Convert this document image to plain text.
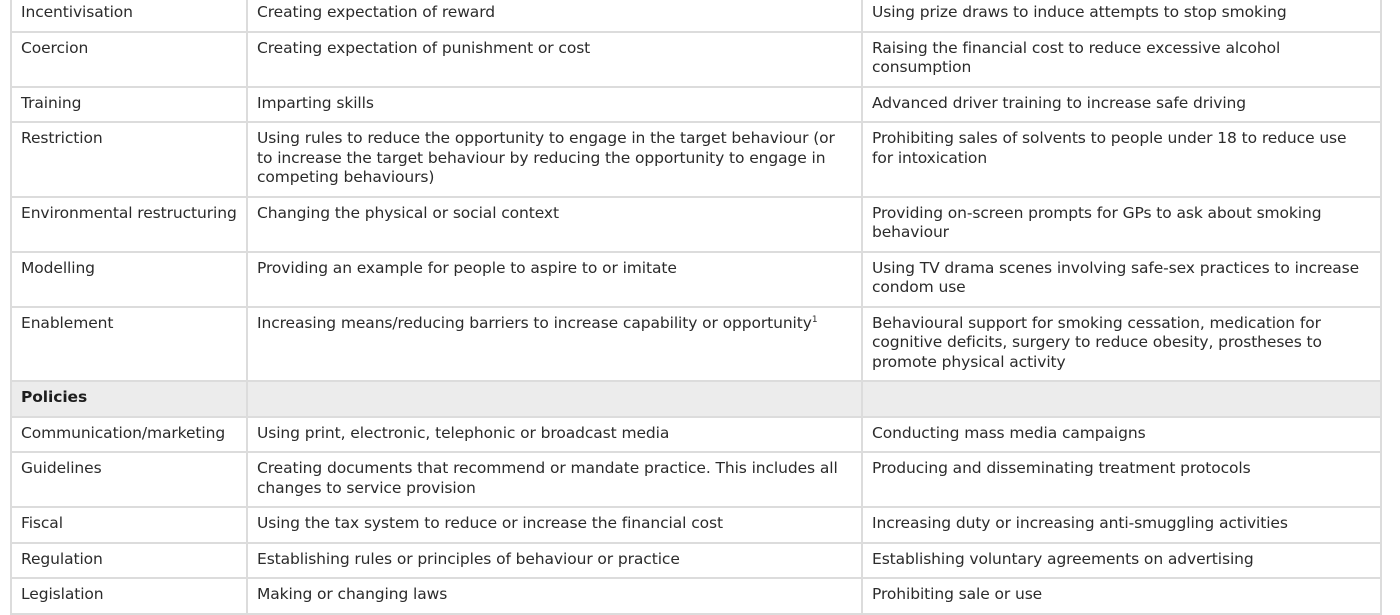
Incentivisation	Creating expectation of reward	Using prize draws to induce attempts to stop smoking
Coercion	Creating expectation of punishment or cost	Raising the financial cost to reduce excessive alcohol consumption
Training	Imparting skills	Advanced driver training to increase safe driving
Restriction	Using rules to reduce the opportunity to engage in the target behaviour (or to increase the target behaviour by reducing the opportunity to engage in competing behaviours)	Prohibiting sales of solvents to people under 18 to reduce use for intoxication
Environmental restructuring	Changing the physical or social context	Providing on-screen prompts for GPs to ask about smoking behaviour
Modelling	Providing an example for people to aspire to or imitate	Using TV drama scenes involving safe-sex practices to increase condom use
Enablement	Increasing means/reducing barriers to increase capability or opportunity$^1$	Behavioural support for smoking cessation, medication for cognitive deficits, surgery to reduce obesity, prostheses to promote physical activity
Policies		
Communication/marketing	Using print, electronic, telephonic or broadcast media	Conducting mass media campaigns
Guidelines	Creating documents that recommend or mandate practice. This includes all changes to service provision	Producing and disseminating treatment protocols
Fiscal	Using the tax system to reduce or increase the financial cost	Increasing duty or increasing anti-smuggling activities
Regulation	Establishing rules or principles of behaviour or practice	Establishing voluntary agreements on advertising
Legislation	Making or changing laws	Prohibiting sale or use
